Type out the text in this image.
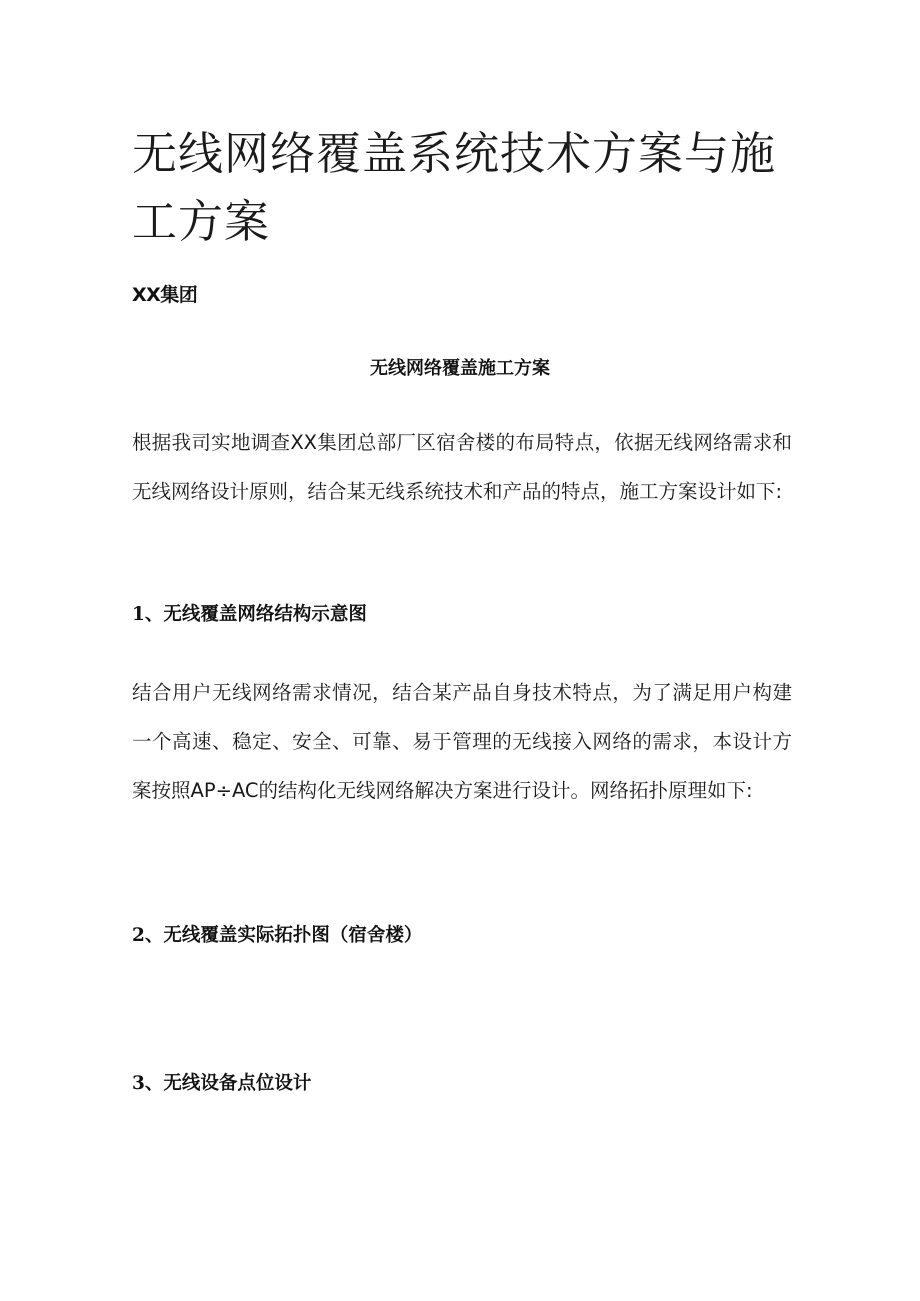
无线网络覆盖系统技术方案与施工方案
XX集团
无线网络覆盖施工方案
根据我司实地调查XX集团总部厂区宿舍楼的布局特点，依据无线网络需求和无线网络设计原则，结合某无线系统技术和产品的特点，施工方案设计如下:
1、无线覆盖网络结构示意图
结合用户无线网络需求情况，结合某产品自身技术特点，为了满足用户构建一个高速、稳定、安全、可靠、易于管理的无线接入网络的需求，本设计方案按照AP÷AC的结构化无线网络解决方案进行设计。网络拓扑原理如下:
2、无线覆盖实际拓扑图（宿舍楼）
3、无线设备点位设计
